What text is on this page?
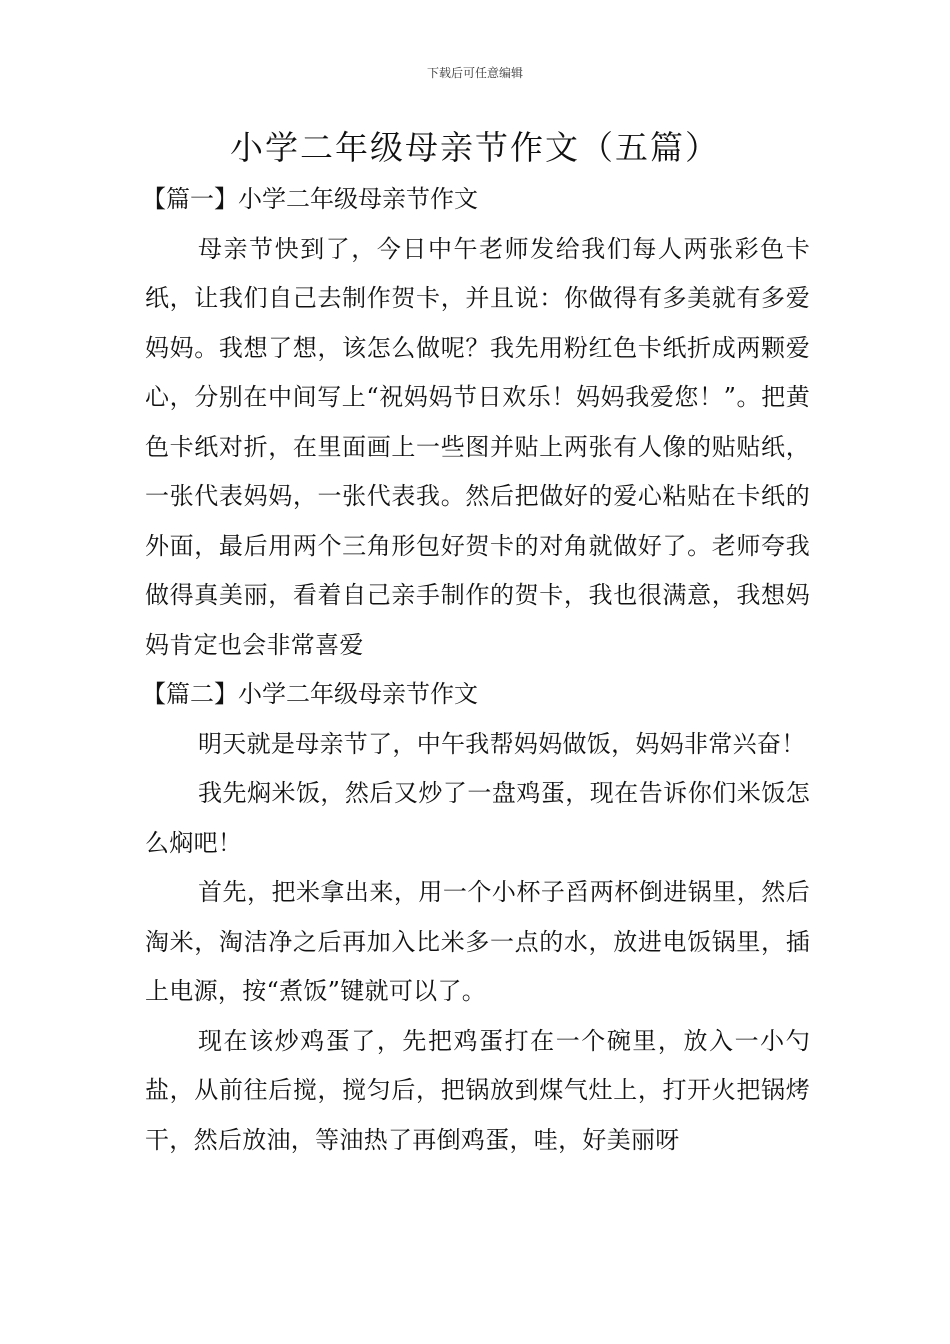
下载后可任意编辑
小学二年级母亲节作文（五篇）

【篇一】小学二年级母亲节作文

母亲节快到了，今日中午老师发给我们每人两张彩色卡纸，让我们自己去制作贺卡，并且说：你做得有多美就有多爱妈妈。我想了想，该怎么做呢？我先用粉红色卡纸折成两颗爱心，分别在中间写上“祝妈妈节日欢乐！妈妈我爱您！”。把黄色卡纸对折，在里面画上一些图并贴上两张有人像的贴贴纸，一张代表妈妈，一张代表我。然后把做好的爱心粘贴在卡纸的外面，最后用两个三角形包好贺卡的对角就做好了。老师夸我做得真美丽，看着自己亲手制作的贺卡，我也很满意，我想妈妈肯定也会非常喜爱

【篇二】小学二年级母亲节作文

明天就是母亲节了，中午我帮妈妈做饭，妈妈非常兴奋！

我先焖米饭，然后又炒了一盘鸡蛋，现在告诉你们米饭怎么焖吧！

首先，把米拿出来，用一个小杯子舀两杯倒进锅里，然后淘米，淘洁净之后再加入比米多一点的水，放进电饭锅里，插上电源，按“煮饭”键就可以了。

现在该炒鸡蛋了，先把鸡蛋打在一个碗里，放入一小勺盐，从前往后搅，搅匀后，把锅放到煤气灶上，打开火把锅烤干，然后放油，等油热了再倒鸡蛋，哇，好美丽呀
